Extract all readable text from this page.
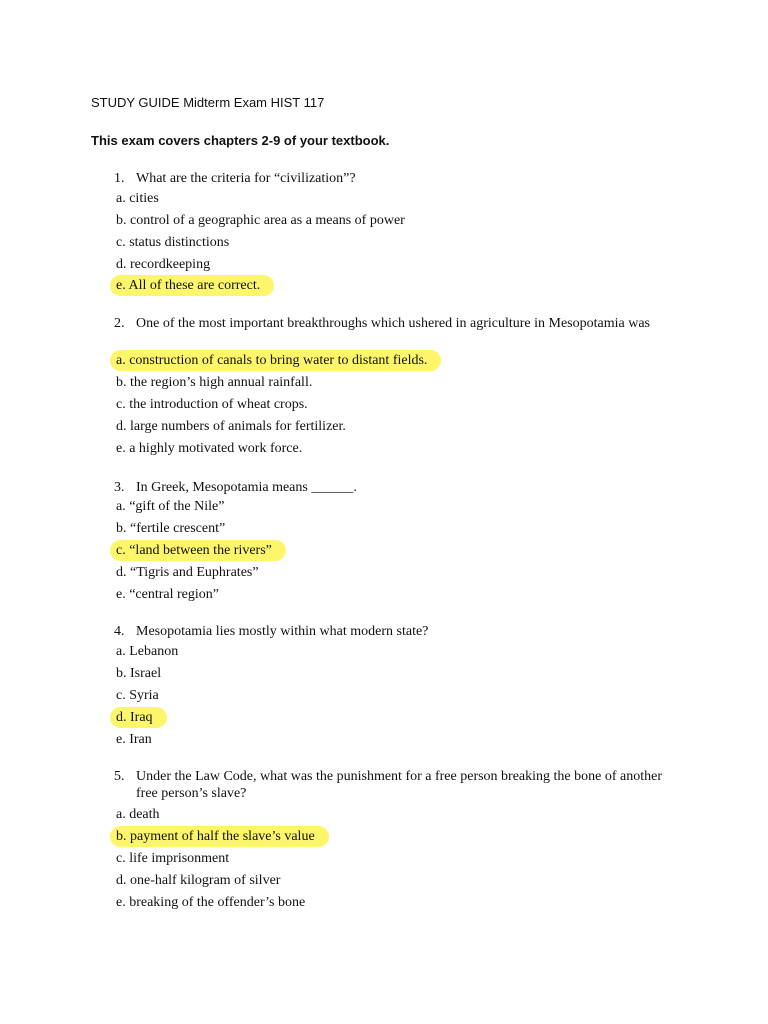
STUDY GUIDE Midterm Exam HIST 117
This exam covers chapters 2-9 of your textbook.
1. What are the criteria for “civilization”?
a. cities
b. control of a geographic area as a means of power
c. status distinctions
d. recordkeeping
e. All of these are correct.
2. One of the most important breakthroughs which ushered in agriculture in Mesopotamia was
a. construction of canals to bring water to distant fields.
b. the region’s high annual rainfall.
c. the introduction of wheat crops.
d. large numbers of animals for fertilizer.
e. a highly motivated work force.
3. In Greek, Mesopotamia means ______.
a. “gift of the Nile”
b. “fertile crescent”
c. “land between the rivers”
d. “Tigris and Euphrates”
e. “central region”
4. Mesopotamia lies mostly within what modern state?
a. Lebanon
b. Israel
c. Syria
d. Iraq
e. Iran
5. Under the Law Code, what was the punishment for a free person breaking the bone of another free person’s slave?
a. death
b. payment of half the slave’s value
c. life imprisonment
d. one-half kilogram of silver
e. breaking of the offender’s bone
